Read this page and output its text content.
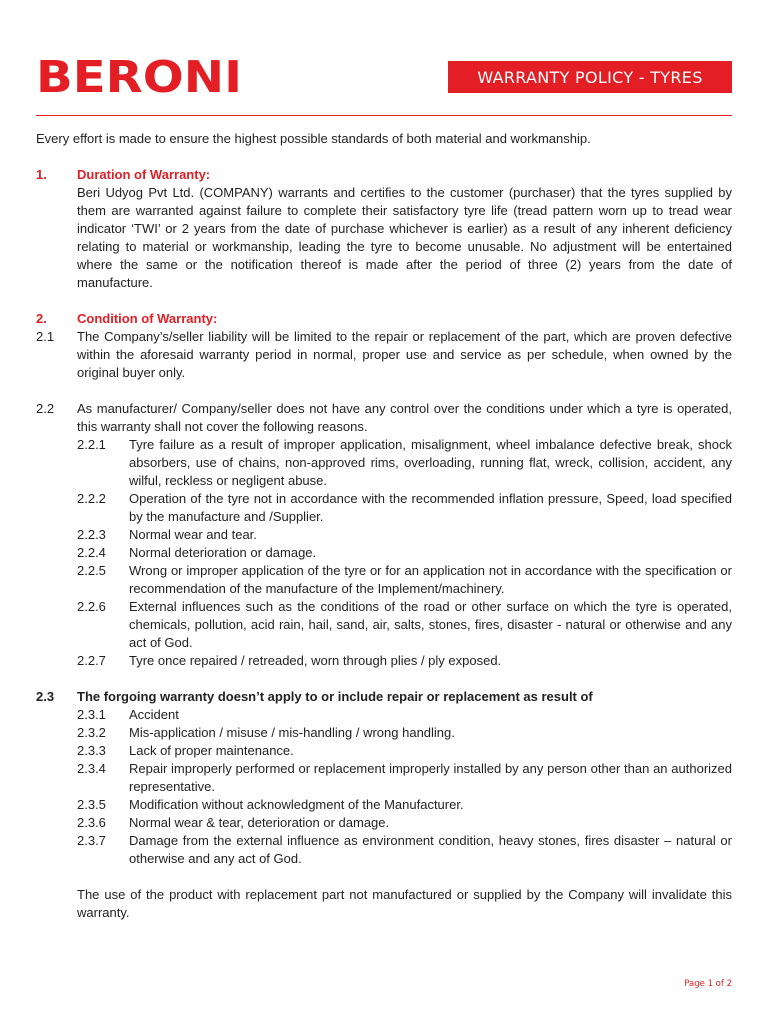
BERONI	WARRANTY POLICY - TYRES

Every effort is made to ensure the highest possible standards of both material and workmanship.

1.	Duration of Warranty:

Beri Udyog Pvt Ltd. (COMPANY) warrants and certifies to the customer (purchaser) that the tyres supplied by them are warranted against failure to complete their satisfactory tyre life (tread pattern worn up to tread wear indicator ‘TWI’ or 2 years from the date of purchase whichever is earlier) as a result of any inherent deficiency relating to material or workmanship, leading the tyre to become unusable. No adjustment will be entertained where the same or the notification thereof is made after the period of three (2) years from the date of manufacture.

2.	Condition of Warranty:
2.1	The Company’s/seller liability will be limited to the repair or replacement of the part, which are proven defective within the aforesaid warranty period in normal, proper use and service as per schedule, when owned by the original buyer only.
2.2	As manufacturer/ Company/seller does not have any control over the conditions under which a tyre is operated, this warranty shall not cover the following reasons.
2.2.1	Tyre failure as a result of improper application, misalignment, wheel imbalance defective break, shock absorbers, use of chains, non-approved rims, overloading, running flat, wreck, collision, accident, any wilful, reckless or negligent abuse.
2.2.2	Operation of the tyre not in accordance with the recommended inflation pressure, Speed, load specified by the manufacture and /Supplier.
2.2.3	Normal wear and tear.
2.2.4	Normal deterioration or damage.
2.2.5	Wrong or improper application of the tyre or for an application not in accordance with the specification or recommendation of the manufacture of the Implement/machinery.
2.2.6	External influences such as the conditions of the road or other surface on which the tyre is operated, chemicals, pollution, acid rain, hail, sand, air, salts, stones, fires, disaster - natural or otherwise and any act of God.
2.2.7	Tyre once repaired / retreaded, worn through plies / ply exposed.
2.3	The forgoing warranty doesn’t apply to or include repair or replacement as result of
2.3.1	Accident
2.3.2	Mis-application / misuse / mis-handling / wrong handling.
2.3.3	Lack of proper maintenance.
2.3.4	Repair improperly performed or replacement improperly installed by any person other than an authorized representative.
2.3.5	Modification without acknowledgment of the Manufacturer.
2.3.6	Normal wear & tear, deterioration or damage.
2.3.7	Damage from the external influence as environment condition, heavy stones, fires disaster – natural or otherwise and any act of God.

The use of the product with replacement part not manufactured or supplied by the Company will invalidate this warranty.

Page 1 of 2
